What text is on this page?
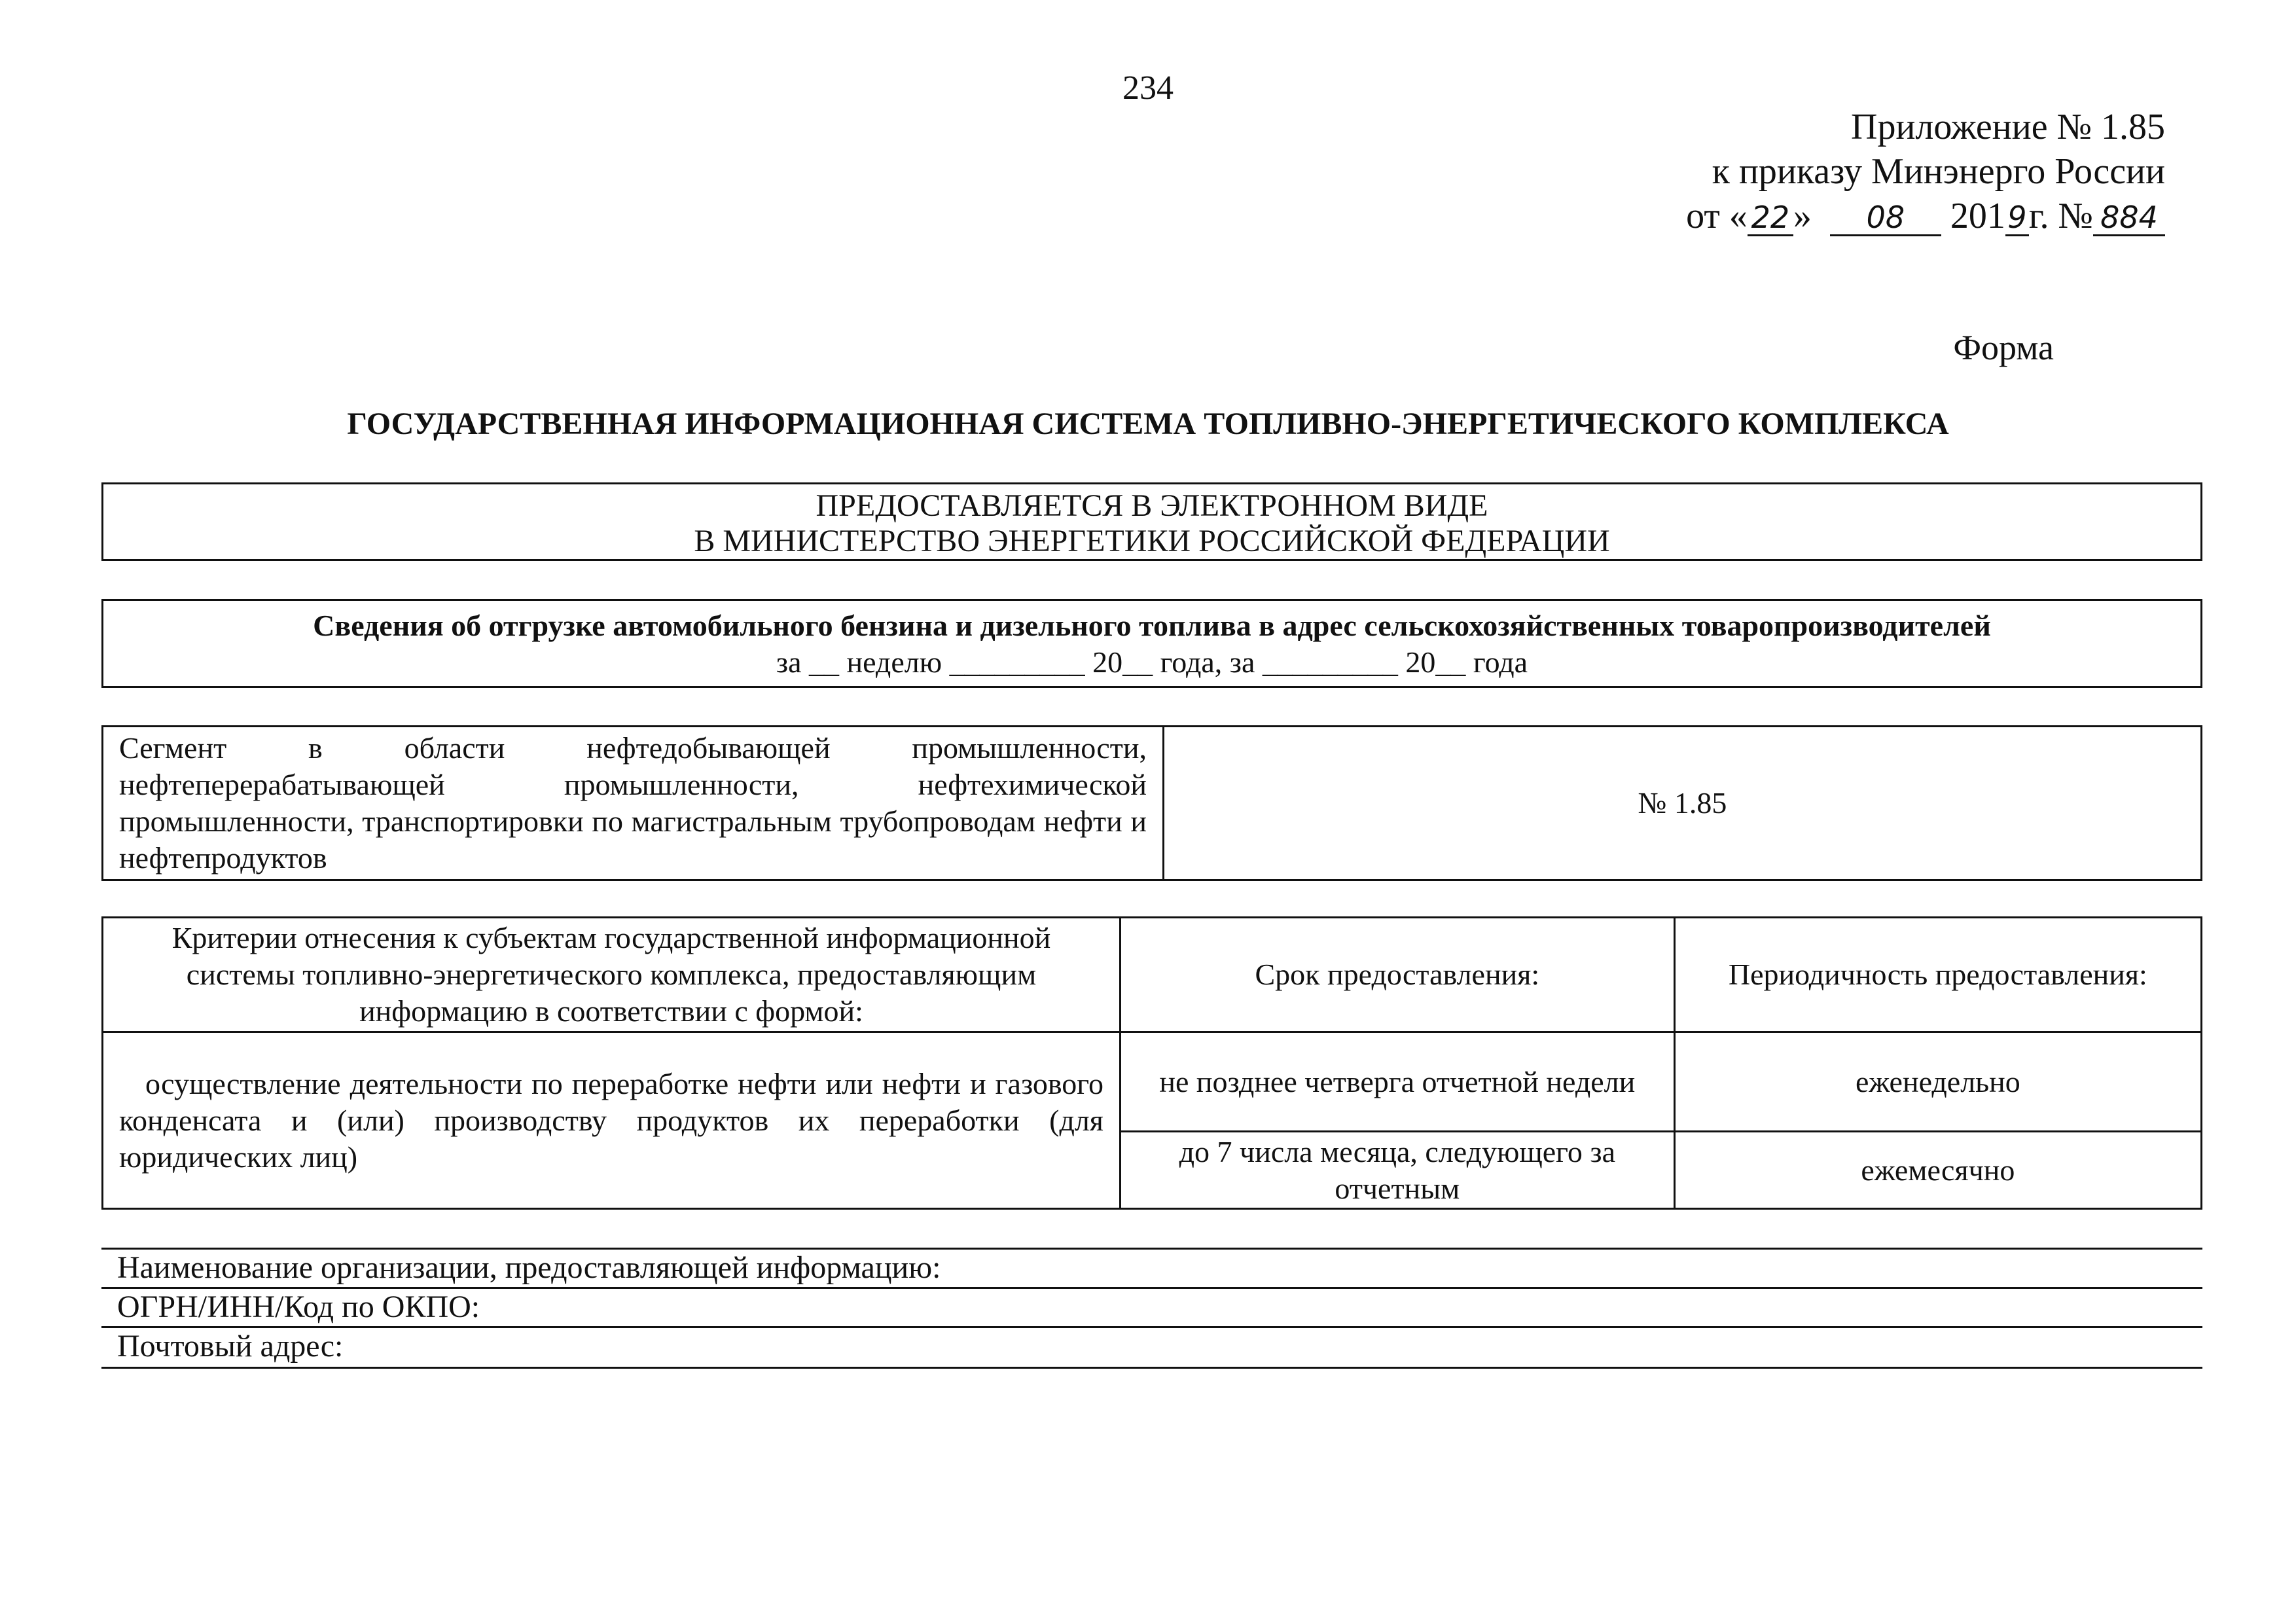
234
Приложение № 1.85
к приказу Минэнерго России
от « 22 » 08 2019г. № 884
Форма
ГОСУДАРСТВЕННАЯ ИНФОРМАЦИОННАЯ СИСТЕМА ТОПЛИВНО-ЭНЕРГЕТИЧЕСКОГО КОМПЛЕКСА
ПРЕДОСТАВЛЯЕТСЯ В ЭЛЕКТРОННОМ ВИДЕ
В МИНИСТЕРСТВО ЭНЕРГЕТИКИ РОССИЙСКОЙ ФЕДЕРАЦИИ
Сведения об отгрузке автомобильного бензина и дизельного топлива в адрес сельскохозяйственных товаропроизводителей
за __ неделю _________ 20__ года, за _________ 20__ года
Сегмент в области нефтедобывающей промышленности, нефтеперерабатывающей промышленности, нефтехимической промышленности, транспортировки по магистральным трубопроводам нефти и нефтепродуктов	№ 1.85
Критерии отнесения к субъектам государственной информационной системы топливно-энергетического комплекса, предоставляющим информацию в соответствии с формой:	Срок предоставления:	Периодичность предоставления:
осуществление деятельности по переработке нефти или нефти и газового конденсата и (или) производству продуктов их переработки (для юридических лиц)	не позднее четверга отчетной недели	еженедельно
	до 7 числа месяца, следующего за отчетным	ежемесячно
Наименование организации, предоставляющей информацию:
ОГРН/ИНН/Код по ОКПО:
Почтовый адрес:
